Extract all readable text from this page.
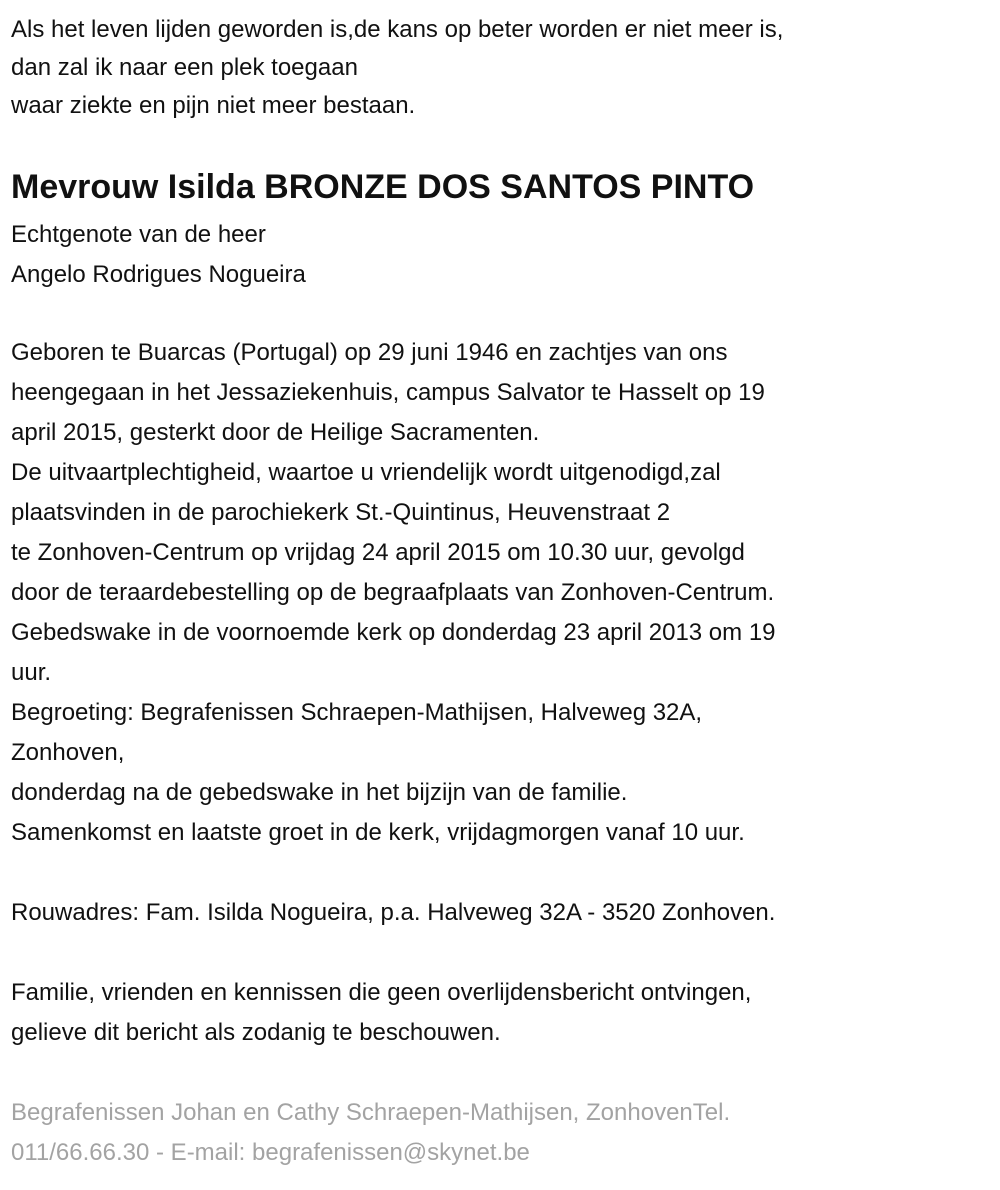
Als het leven lijden geworden is,de kans op beter worden er niet meer is,
dan zal ik naar een plek toegaan
waar ziekte en pijn niet meer bestaan.
Mevrouw Isilda BRONZE DOS SANTOS PINTO
Echtgenote van de heer
Angelo Rodrigues Nogueira
Geboren te Buarcas (Portugal) op 29 juni 1946 en zachtjes van ons
heengegaan in het Jessaziekenhuis, campus Salvator te Hasselt op 19
april 2015, gesterkt door de Heilige Sacramenten.
De uitvaartplechtigheid, waartoe u vriendelijk wordt uitgenodigd,zal
plaatsvinden in de parochiekerk St.-Quintinus, Heuvenstraat 2
te Zonhoven-Centrum op vrijdag 24 april 2015 om 10.30 uur, gevolgd
door de teraardebestelling op de begraafplaats van Zonhoven-Centrum.
Gebedswake in de voornoemde kerk op donderdag 23 april 2013 om 19
uur.
Begroeting: Begrafenissen Schraepen-Mathijsen, Halveweg 32A,
Zonhoven,
donderdag na de gebedswake in het bijzijn van de familie.
Samenkomst en laatste groet in de kerk, vrijdagmorgen vanaf 10 uur.
Rouwadres: Fam. Isilda Nogueira, p.a. Halveweg 32A - 3520 Zonhoven.
Familie, vrienden en kennissen die geen overlijdensbericht ontvingen,
gelieve dit bericht als zodanig te beschouwen.
Begrafenissen Johan en Cathy Schraepen-Mathijsen, ZonhovenTel.
011/66.66.30 - E-mail: begrafenissen@skynet.be
